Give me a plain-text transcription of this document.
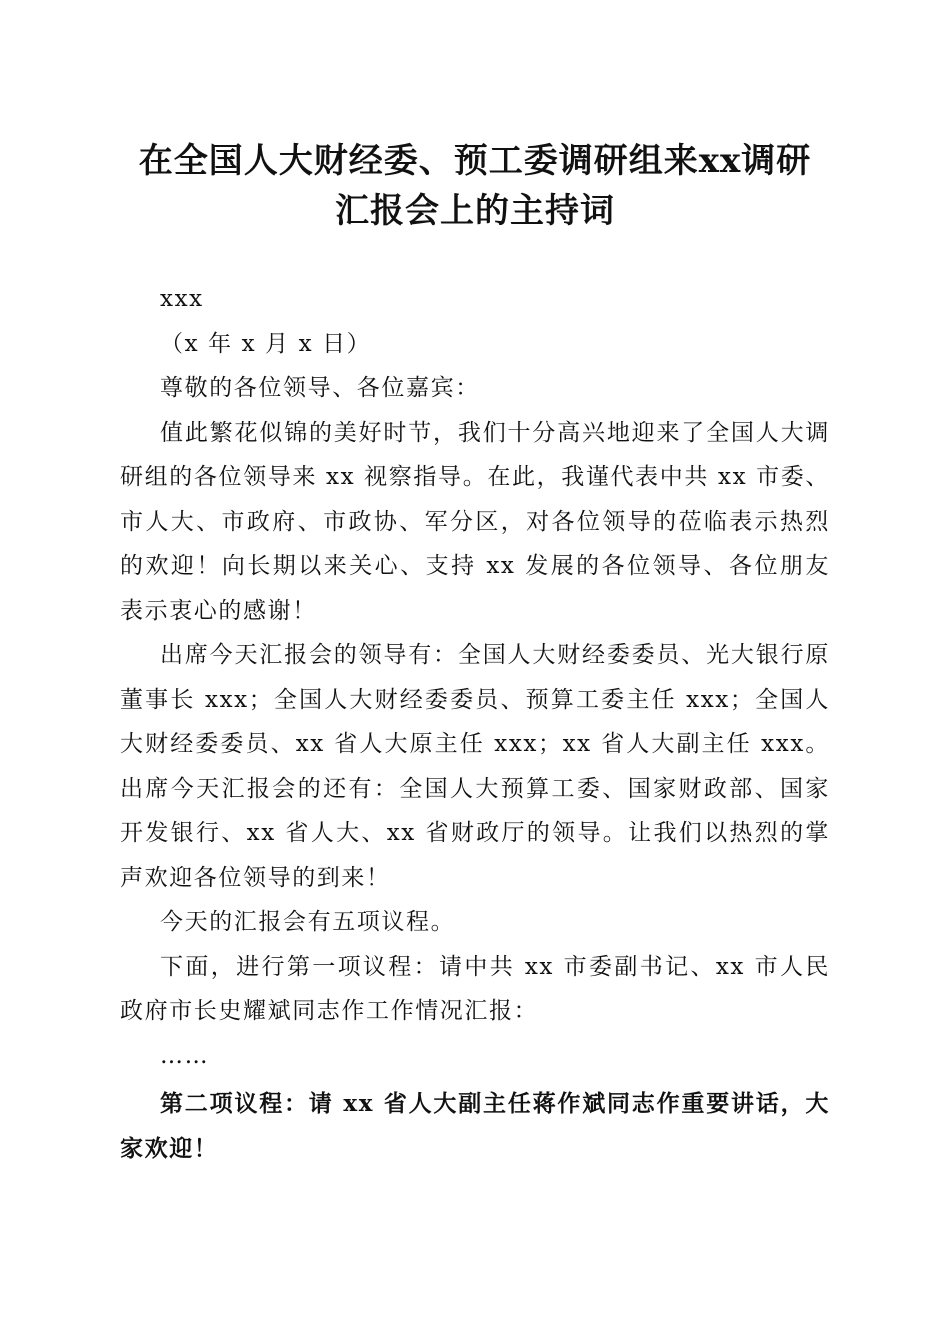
在全国人大财经委、预工委调研组来xx调研
汇报会上的主持词

xxx

（x 年 x 月 x 日）

尊敬的各位领导、各位嘉宾：

值此繁花似锦的美好时节，我们十分高兴地迎来了全国人大调研组的各位领导来 xx 视察指导。在此，我谨代表中共 xx 市委、市人大、市政府、市政协、军分区，对各位领导的莅临表示热烈的欢迎！向长期以来关心、支持 xx 发展的各位领导、各位朋友表示衷心的感谢！

出席今天汇报会的领导有：全国人大财经委委员、光大银行原董事长 xxx；全国人大财经委委员、预算工委主任 xxx；全国人大财经委委员、xx 省人大原主任 xxx；xx 省人大副主任 xxx。出席今天汇报会的还有：全国人大预算工委、国家财政部、国家开发银行、xx 省人大、xx 省财政厅的领导。让我们以热烈的掌声欢迎各位领导的到来！

今天的汇报会有五项议程。

下面，进行第一项议程：请中共 xx 市委副书记、xx 市人民政府市长史耀斌同志作工作情况汇报：

……

第二项议程：请 xx 省人大副主任蒋作斌同志作重要讲话，大家欢迎！
